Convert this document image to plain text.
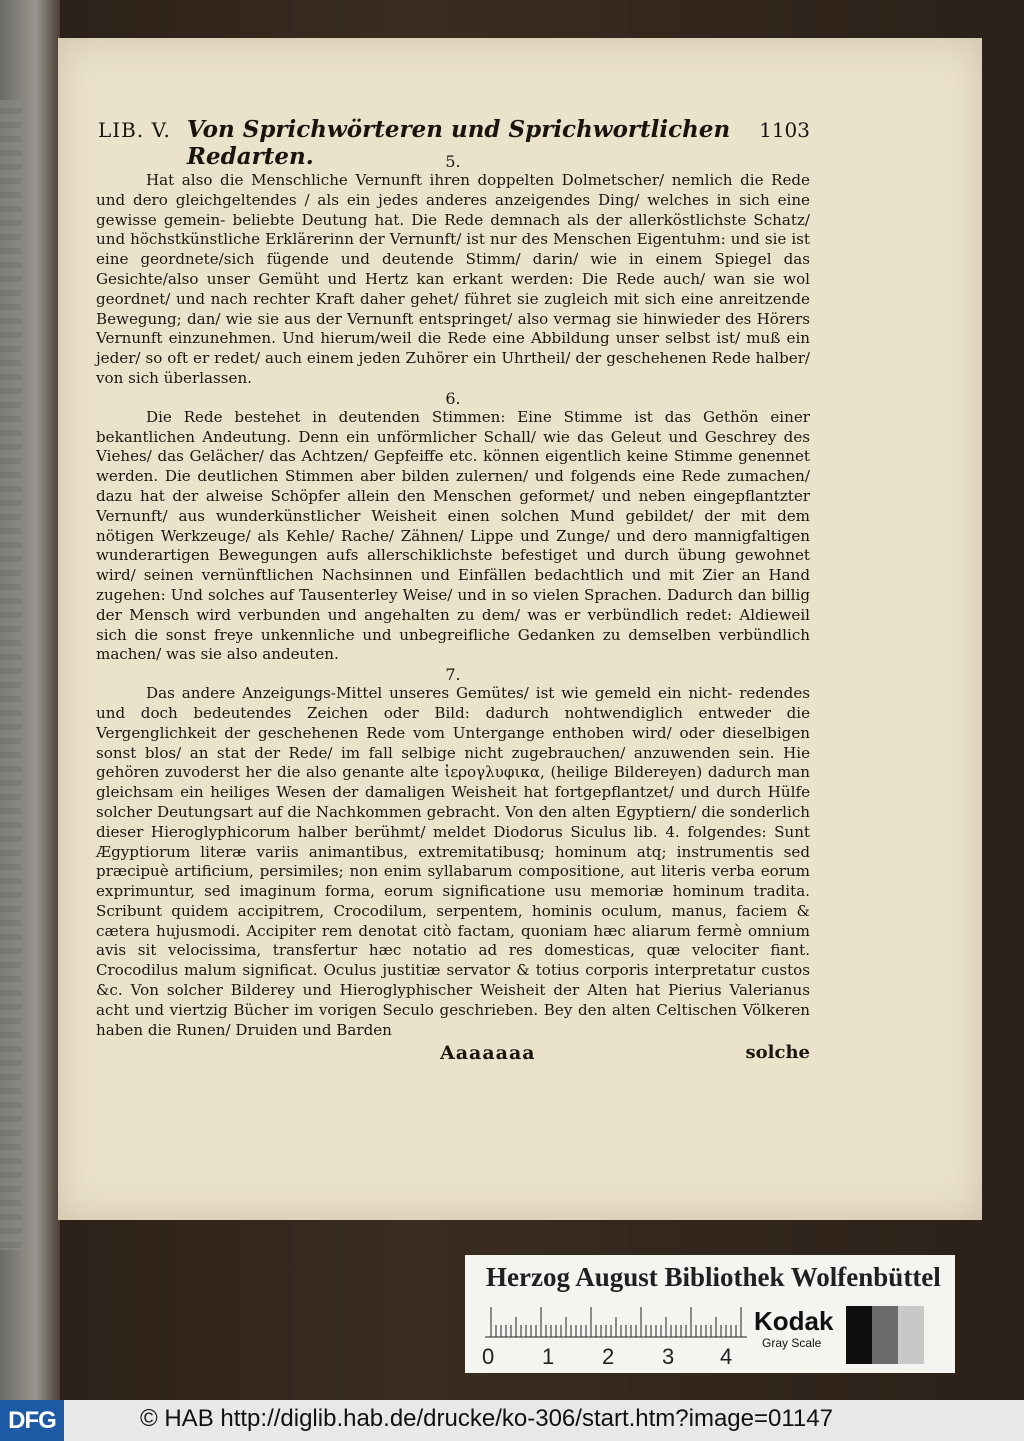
LIB. V. Von Sprichwörteren und Sprichwortlichen Redarten.
1103
5.

Hat also die Menschliche Vernunft ihren doppelten Dolmetscher/ nemlich die Rede und dero gleichgeltendes / als ein jedes anderes anzeigendes Ding/ welches in sich eine gewisse gemein- beliebte Deutung hat. Die Rede demnach als der allerköstlichste Schatz/ und höchstkünstliche Erklärerinn der Vernunft/ ist nur des Menschen Eigentuhm: und sie ist eine geordnete/sich fügende und deutende Stimm/ darin/ wie in einem Spiegel das Gesichte/also unser Gemüht und Hertz kan erkant werden: Die Rede auch/ wan sie wol geordnet/ und nach rechter Kraft daher gehet/ führet sie zugleich mit sich eine anreitzende Bewegung; dan/ wie sie aus der Vernunft entspringet/ also vermag sie hinwieder des Hörers Vernunft einzunehmen. Und hierum/weil die Rede eine Abbildung unser selbst ist/ muß ein jeder/ so oft er redet/ auch einem jeden Zuhörer ein Uhrtheil/ der geschehenen Rede halber/ von sich überlassen.

6.

Die Rede bestehet in deutenden Stimmen: Eine Stimme ist das Gethön einer bekantlichen Andeutung. Denn ein unförmlicher Schall/ wie das Geleut und Geschrey des Viehes/ das Gelächer/ das Achtzen/ Gepfeiffe etc. können eigentlich keine Stimme genennet werden. Die deutlichen Stimmen aber bilden zulernen/ und folgends eine Rede zumachen/ dazu hat der alweise Schöpfer allein den Menschen geformet/ und neben eingepflantzter Vernunft/ aus wunderkünstlicher Weisheit einen solchen Mund gebildet/ der mit dem nötigen Werkzeuge/ als Kehle/ Rache/ Zähnen/ Lippe und Zunge/ und dero mannigfaltigen wunderartigen Bewegungen aufs allerschiklichste befestiget und durch übung gewohnet wird/ seinen vernünftlichen Nachsinnen und Einfällen bedachtlich und mit Zier an Hand zugehen: Und solches auf Tausenterley Weise/ und in so vielen Sprachen. Dadurch dan billig der Mensch wird verbunden und angehalten zu dem/ was er verbündlich redet: Aldieweil sich die sonst freye unkennliche und unbegreifliche Gedanken zu demselben verbündlich machen/ was sie also andeuten.

7.

Das andere Anzeigungs-Mittel unseres Gemütes/ ist wie gemeld ein nicht- redendes und doch bedeutendes Zeichen oder Bild: dadurch nohtwendiglich entweder die Vergenglichkeit der geschehenen Rede vom Untergange enthoben wird/ oder dieselbigen sonst blos/ an stat der Rede/ im fall selbige nicht zugebrauchen/ anzuwenden sein. Hie gehören zuvoderst her die also genante alte ἱερογλυφικα, (heilige Bildereyen) dadurch man gleichsam ein heiliges Wesen der damaligen Weisheit hat fortgepflantzet/ und durch Hülfe solcher Deutungsart auf die Nachkommen gebracht. Von den alten Egyptiern/ die sonderlich dieser Hieroglyphicorum halber berühmt/ meldet Diodorus Siculus lib. 4. folgendes: Sunt Ægyptiorum literæ variis animantibus, extremitatibusq; hominum atq; instrumentis sed præcipuè artificium, persimiles; non enim syllabarum compositione, aut literis verba eorum exprimuntur, sed imaginum forma, eorum significatione usu memoriæ hominum tradita. Scribunt quidem accipitrem, Crocodilum, serpentem, hominis oculum, manus, faciem & cætera hujusmodi. Accipiter rem denotat citò factam, quoniam hæc aliarum fermè omnium avis sit velocissima, transfertur hæc notatio ad res domesticas, quæ velociter fiant. Crocodilus malum significat. Oculus justitiæ servator & totius corporis interpretatur custos &c. Von solcher Bilderey und Hieroglyphischer Weisheit der Alten hat Pierius Valerianus acht und viertzig Bücher im vorigen Seculo geschrieben. Bey den alten Celtischen Völkeren haben die Runen/ Druiden und Barden

Aaaaaaa	solche
Herzog August Bibliothek Wolfenbüttel
0 1 2 3 4
Kodak
Gray Scale
DFG	© HAB http://diglib.hab.de/drucke/ko-306/start.htm?image=01147
